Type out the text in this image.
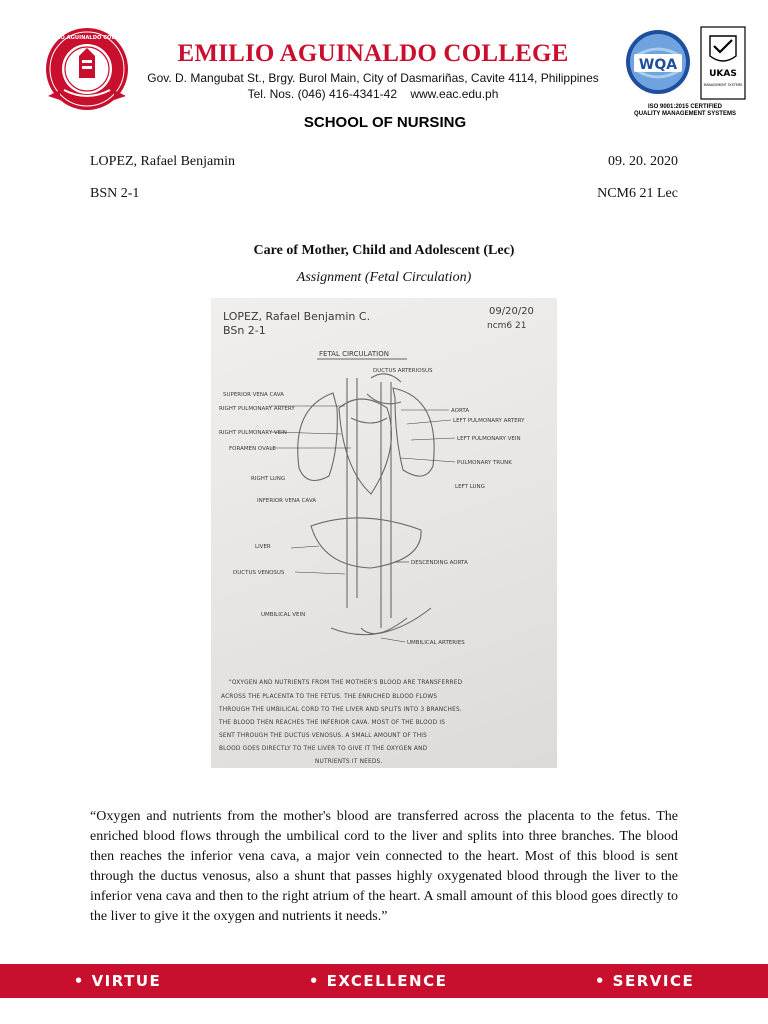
EMILIO AGUINALDO COLLEGE
EMILIO AGUINALDO COLLEGE
Gov. D. Mangubat St., Brgy. Burol Main, City of Dasmariñas, Cavite 4114, Philippines
Tel. Nos. (046) 416-4341-42 www.eac.edu.ph
SCHOOL OF NURSING
WQA
UKAS
MANAGEMENT SYSTEMS
ISO 9001:2015 CERTIFIED
QUALITY MANAGEMENT SYSTEMS
LOPEZ, Rafael Benjamin	09. 20. 2020
BSN 2-1	NCM6 21 Lec
Care of Mother, Child and Adolescent (Lec)
Assignment (Fetal Circulation)
LOPEZ, Rafael Benjamin C.
BSn 2-1
09/20/20
ncm6 21
FETAL CIRCULATION
SUPERIOR VENA CAVA
RIGHT PULMONARY ARTERY
RIGHT PULMONARY VEIN
FORAMEN OVALE
RIGHT LUNG
INFERIOR VENA CAVA
LIVER
DUCTUS VENOSUS
UMBILICAL VEIN
DUCTUS ARTERIOSUS
AORTA
LEFT PULMONARY ARTERY
LEFT PULMONARY VEIN
PULMONARY TRUNK
LEFT LUNG
DESCENDING AORTA
UMBILICAL ARTERIES
"OXYGEN AND NUTRIENTS FROM THE MOTHER'S BLOOD ARE TRANSFERRED
ACROSS THE PLACENTA TO THE FETUS. THE ENRICHED BLOOD FLOWS
THROUGH THE UMBILICAL CORD TO THE LIVER AND SPLITS INTO 3 BRANCHES.
THE BLOOD THEN REACHES THE INFERIOR CAVA. MOST OF THE BLOOD IS
SENT THROUGH THE DUCTUS VENOSUS. A SMALL AMOUNT OF THIS
BLOOD GOES DIRECTLY TO THE LIVER TO GIVE IT THE OXYGEN AND
NUTRIENTS IT NEEDS.
“Oxygen and nutrients from the mother's blood are transferred across the placenta to the fetus. The enriched blood flows through the umbilical cord to the liver and splits into three branches. The blood then reaches the inferior vena cava, a major vein connected to the heart. Most of this blood is sent through the ductus venosus, also a shunt that passes highly oxygenated blood through the liver to the inferior vena cava and then to the right atrium of the heart. A small amount of this blood goes directly to the liver to give it the oxygen and nutrients it needs.”
• VIRTUE	• EXCELLENCE	• SERVICE
